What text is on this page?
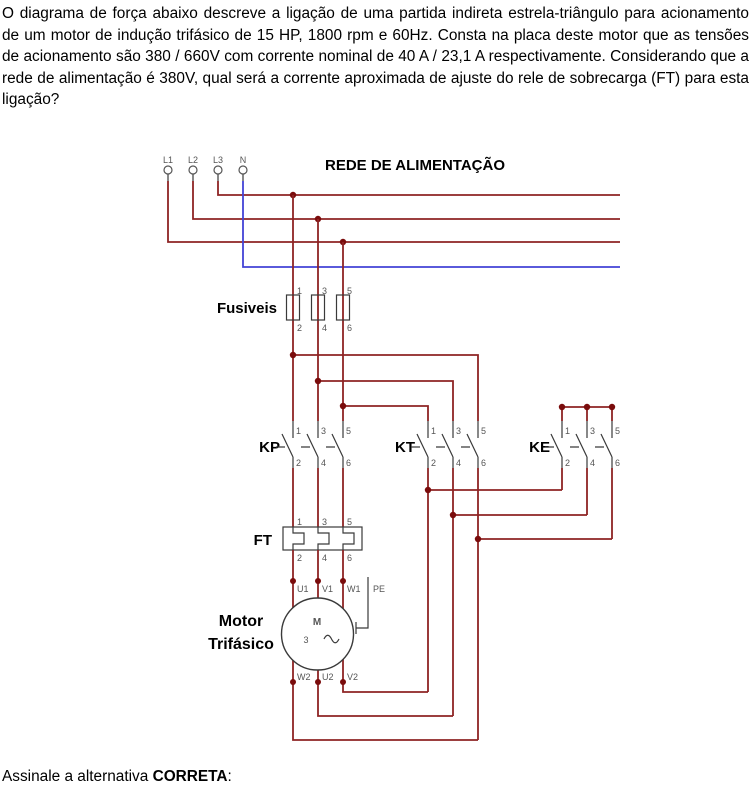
O diagrama de força abaixo descreve a ligação de uma partida indireta estrela-triângulo para acionamento de um motor de indução trifásico de 15 HP, 1800 rpm e 60Hz. Consta na placa deste motor que as tensões de acionamento são 380 / 660V com corrente nominal de 40 A / 23,1 A respectivamente. Considerando que a rede de alimentação é 380V, qual será a corrente aproximada de ajuste do rele de sobrecarga (FT) para esta ligação?

L1 L2 L3 N	REDE DE ALIMENTAÇÃO
Fusiveis
1 3 5
2 4 6
KP
1 3 5
2 4 6
KT
1 3 5
2 4 6
KE
1 3 5
2 4 6
FT
1 3 5
2 4 6
M
3
U1 V1 W1 PE
W2 U2 V2
Motor
Trifásico

Assinale a alternativa CORRETA:
